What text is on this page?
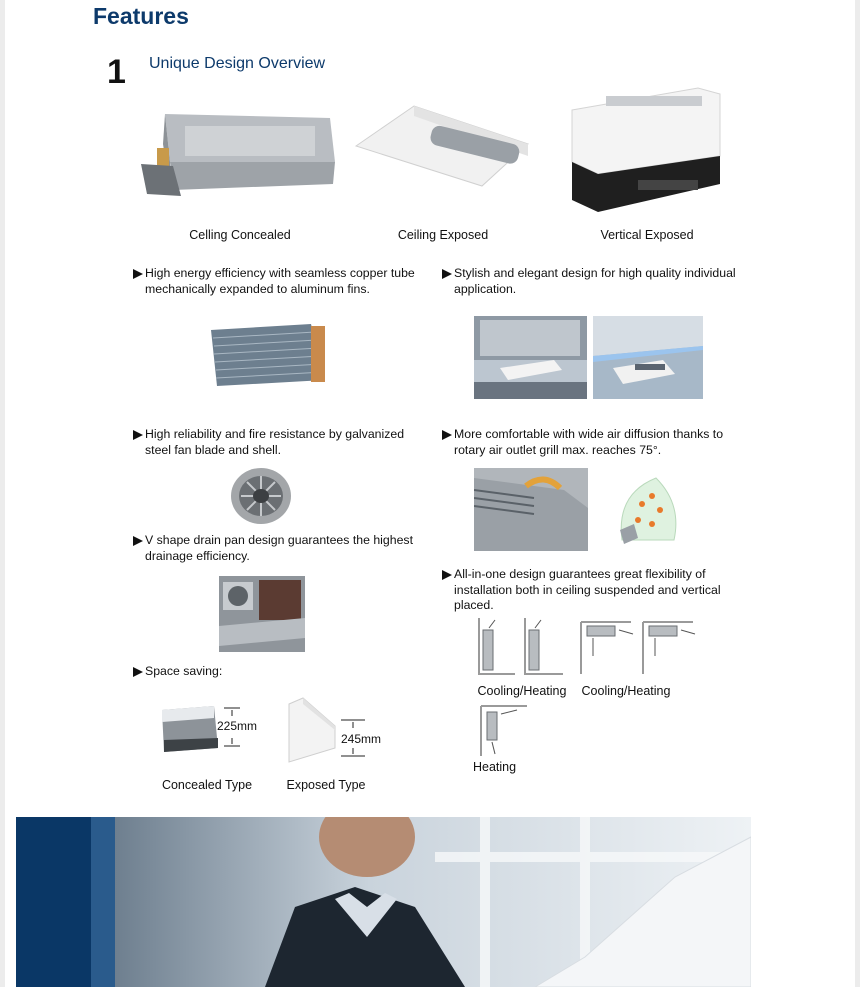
Features
1 Unique Design Overview
Celling Concealed	Ceiling Exposed	Vertical Exposed
High energy efficiency with seamless copper tube mechanically expanded to aluminum fins.
Stylish and elegant design for high quality individual application.
High reliability and fire resistance by galvanized steel fan blade and shell.
More comfortable with wide air diffusion thanks to rotary air outlet grill max. reaches 75°.
V shape drain pan design guarantees the highest drainage efficiency.
All-in-one design guarantees great flexibility of installation both in ceiling suspended and vertical placed.
Cooling/Heating Cooling/Heating
Heating
Space saving:
225mm
245mm
Concealed Type	Exposed Type
